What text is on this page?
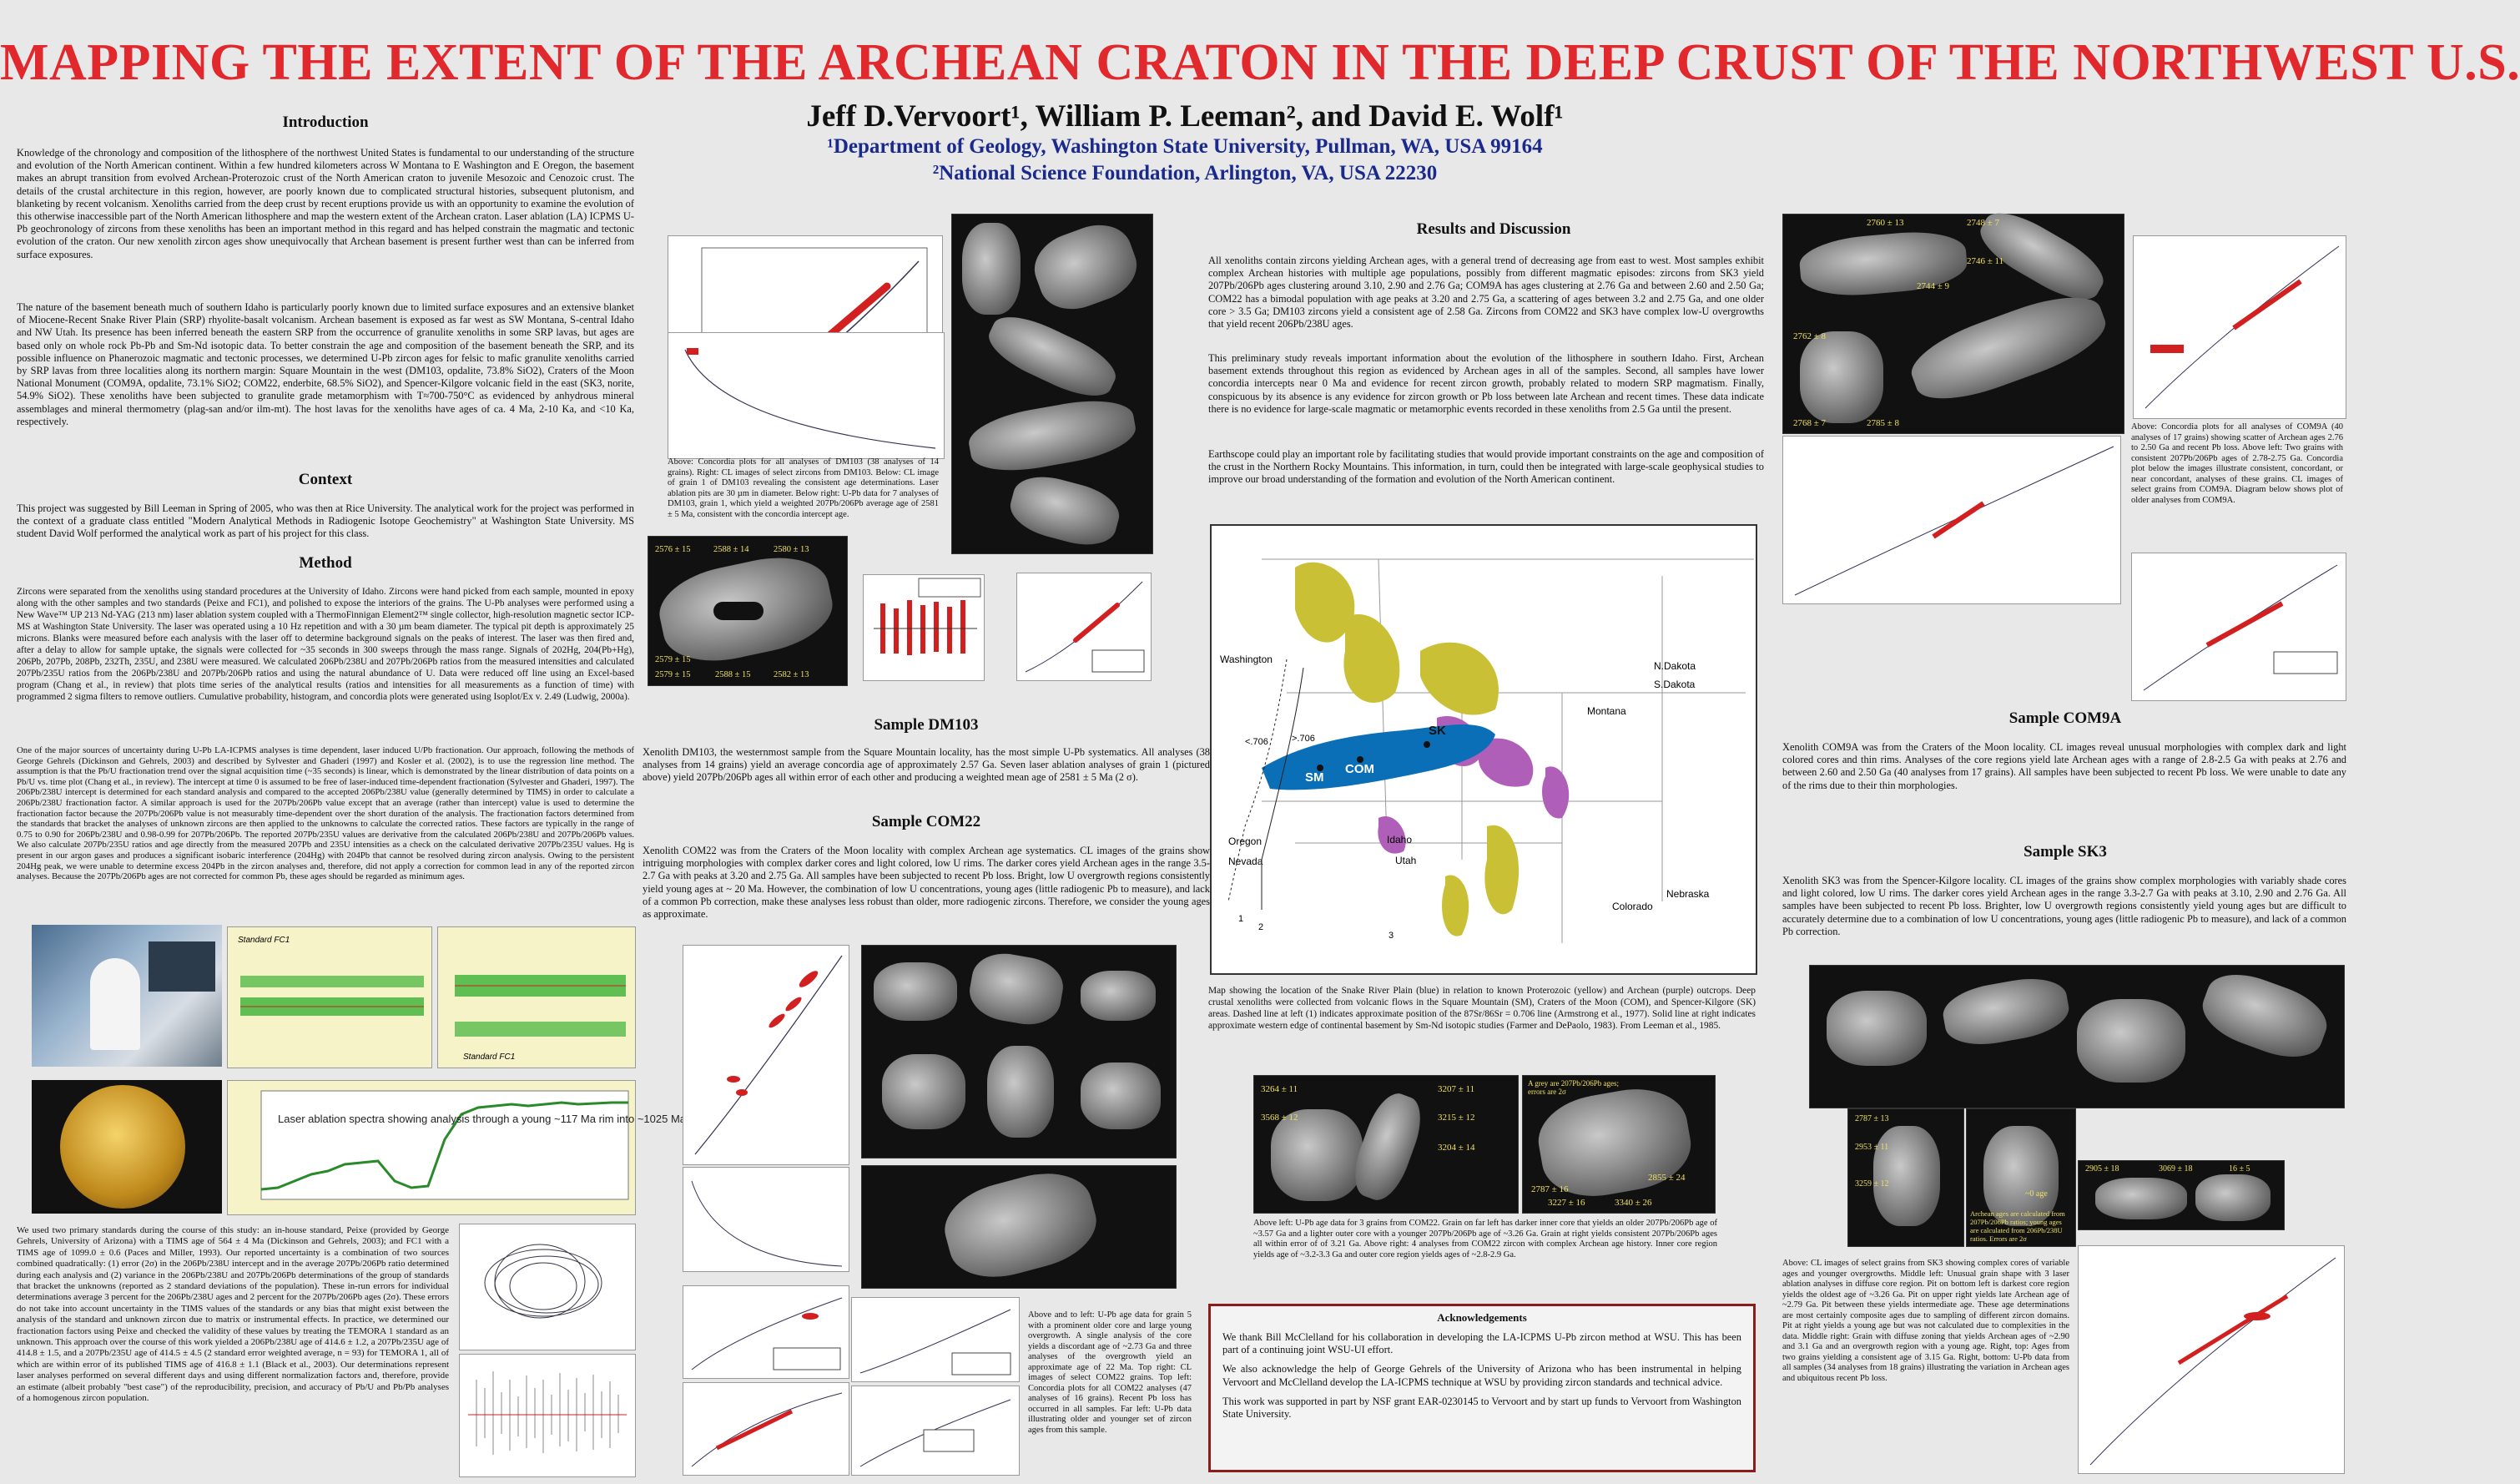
MAPPING THE EXTENT OF THE ARCHEAN CRATON IN THE DEEP CRUST OF THE NORTHWEST U.S.
Jeff D.Vervoort¹, William P. Leeman², and David E. Wolf¹
¹Department of Geology, Washington State University, Pullman, WA, USA 99164
²National Science Foundation, Arlington, VA, USA 22230
Introduction
Knowledge of the chronology and composition of the lithosphere of the northwest United States is fundamental to our understanding of the structure and evolution of the North American continent. Within a few hundred kilometers across W Montana to E Washington and E Oregon, the basement makes an abrupt transition from evolved Archean-Proterozoic crust of the North American craton to juvenile Mesozoic and Cenozoic crust. The details of the crustal architecture in this region, however, are poorly known due to complicated structural histories, subsequent plutonism, and blanketing by recent volcanism. Xenoliths carried from the deep crust by recent eruptions provide us with an opportunity to examine the evolution of this otherwise inaccessible part of the North American lithosphere and map the western extent of the Archean craton. Laser ablation (LA) ICPMS U-Pb geochronology of zircons from these xenoliths has been an important method in this regard and has helped constrain the magmatic and tectonic evolution of the craton. Our new xenolith zircon ages show unequivocally that Archean basement is present further west than can be inferred from surface exposures.
The nature of the basement beneath much of southern Idaho is particularly poorly known due to limited surface exposures and an extensive blanket of Miocene-Recent Snake River Plain (SRP) rhyolite-basalt volcanism. Archean basement is exposed as far west as SW Montana, S-central Idaho and NW Utah. Its presence has been inferred beneath the eastern SRP from the occurrence of granulite xenoliths in some SRP lavas, but ages are based only on whole rock Pb-Pb and Sm-Nd isotopic data. To better constrain the age and composition of the basement beneath the SRP, and its possible influence on Phanerozoic magmatic and tectonic processes, we determined U-Pb zircon ages for felsic to mafic granulite xenoliths carried by SRP lavas from three localities along its northern margin: Square Mountain in the west (DM103, opdalite, 73.8% SiO2), Craters of the Moon National Monument (COM9A, opdalite, 73.1% SiO2; COM22, enderbite, 68.5% SiO2), and Spencer-Kilgore volcanic field in the east (SK3, norite, 54.9% SiO2). These xenoliths have been subjected to granulite grade metamorphism with T≈700-750°C as evidenced by anhydrous mineral assemblages and mineral thermometry (plag-san and/or ilm-mt). The host lavas for the xenoliths have ages of ca. 4 Ma, 2-10 Ka, and <10 Ka, respectively.
Context
This project was suggested by Bill Leeman in Spring of 2005, who was then at Rice University. The analytical work for the project was performed in the context of a graduate class entitled "Modern Analytical Methods in Radiogenic Isotope Geochemistry" at Washington State University. MS student David Wolf performed the analytical work as part of his project for this class.
Method
Zircons were separated from the xenoliths using standard procedures at the University of Idaho. Zircons were hand picked from each sample, mounted in epoxy along with the other samples and two standards (Peixe and FC1), and polished to expose the interiors of the grains. The U-Pb analyses were performed using a New Wave™ UP 213 Nd-YAG (213 nm) laser ablation system coupled with a ThermoFinnigan Element2™ single collector, high-resolution magnetic sector ICP-MS at Washington State University. The laser was operated using a 10 Hz repetition and with a 30 µm beam diameter. The typical pit depth is approximately 25 microns. Blanks were measured before each analysis with the laser off to determine background signals on the peaks of interest. The laser was then fired and, after a delay to allow for sample uptake, the signals were collected for ~35 seconds in 300 sweeps through the mass range. Signals of 202Hg, 204(Pb+Hg), 206Pb, 207Pb, 208Pb, 232Th, 235U, and 238U were measured. We calculated 206Pb/238U and 207Pb/206Pb ratios from the measured intensities and calculated 207Pb/235U ratios from the 206Pb/238U and 207Pb/206Pb ratios and using the natural abundance of U. Data were reduced off line using an Excel-based program (Chang et al., in review) that plots time series of the analytical results (ratios and intensities for all measurements as a function of time) with programmed 2 sigma filters to remove outliers. Cumulative probability, histogram, and concordia plots were generated using Isoplot/Ex v. 2.49 (Ludwig, 2000a).
One of the major sources of uncertainty during U-Pb LA-ICPMS analyses is time dependent, laser induced U/Pb fractionation. Our approach, following the methods of George Gehrels (Dickinson and Gehrels, 2003) and described by Sylvester and Ghaderi (1997) and Kosler et al. (2002), is to use the regression line method. The assumption is that the Pb/U fractionation trend over the signal acquisition time (~35 seconds) is linear, which is demonstrated by the linear distribution of data points on a Pb/U vs. time plot (Chang et al., in review). The intercept at time 0 is assumed to be free of laser-induced time-dependent fractionation (Sylvester and Ghaderi, 1997). The 206Pb/238U intercept is determined for each standard analysis and compared to the accepted 206Pb/238U value (generally determined by TIMS) in order to calculate a 206Pb/238U fractionation factor. A similar approach is used for the 207Pb/206Pb value except that an average (rather than intercept) value is used to determine the fractionation factor because the 207Pb/206Pb value is not measurably time-dependent over the short duration of the analysis. The fractionation factors determined from the standards that bracket the analyses of unknown zircons are then applied to the unknowns to calculate the corrected ratios. These factors are typically in the range of 0.75 to 0.90 for 206Pb/238U and 0.98-0.99 for 207Pb/206Pb. The reported 207Pb/235U values are derivative from the calculated 206Pb/238U and 207Pb/206Pb values. We also calculate 207Pb/235U ratios and age directly from the measured 207Pb and 235U intensities as a check on the calculated derivative 207Pb/235U values. Hg is present in our argon gases and produces a significant isobaric interference (204Hg) with 204Pb that cannot be resolved during zircon analysis. Owing to the persistent 204Hg peak, we were unable to determine excess 204Pb in the zircon analyses and, therefore, did not apply a correction for common lead in any of the reported zircon analyses. Because the 207Pb/206Pb ages are not corrected for common Pb, these ages should be regarded as minimum ages.
Standard FC1
Standard FC1
Laser ablation spectra showing analysis through a young ~117 Ma rim into ~1025 Ma core
We used two primary standards during the course of this study: an in-house standard, Peixe (provided by George Gehrels, University of Arizona) with a TIMS age of 564 ± 4 Ma (Dickinson and Gehrels, 2003); and FC1 with a TIMS age of 1099.0 ± 0.6 (Paces and Miller, 1993). Our reported uncertainty is a combination of two sources combined quadratically: (1) error (2σ) in the 206Pb/238U intercept and in the average 207Pb/206Pb ratio determined during each analysis and (2) variance in the 206Pb/238U and 207Pb/206Pb determinations of the group of standards that bracket the unknowns (reported as 2 standard deviations of the population). These in-run errors for individual determinations average 3 percent for the 206Pb/238U ages and 2 percent for the 207Pb/206Pb ages (2σ). These errors do not take into account uncertainty in the TIMS values of the standards or any bias that might exist between the analysis of the standard and unknown zircon due to matrix or instrumental effects. In practice, we determined our fractionation factors using Peixe and checked the validity of these values by treating the TEMORA 1 standard as an unknown. This approach over the course of this work yielded a 206Pb/238U age of 414.6 ± 1.2, a 207Pb/235U age of 414.8 ± 1.5, and a 207Pb/235U age of 414.5 ± 4.5 (2 standard error weighted average, n = 93) for TEMORA 1, all of which are within error of its published TIMS age of 416.8 ± 1.1 (Black et al., 2003). Our determinations represent laser analyses performed on several different days and using different normalization factors and, therefore, provide an estimate (albeit probably "best case") of the reproducibility, precision, and accuracy of Pb/U and Pb/Pb analyses of a homogenous zircon population.
Above: Concordia plots for all analyses of DM103 (38 analyses of 14 grains). Right: CL images of select zircons from DM103. Below: CL image of grain 1 of DM103 revealing the consistent age determinations. Laser ablation pits are 30 µm in diameter. Below right: U-Pb data for 7 analyses of DM103, grain 1, which yield a weighted 207Pb/206Pb average age of 2581 ± 5 Ma, consistent with the concordia intercept age.
2576 ± 15	2588 ± 14	2580 ± 13
2579 ± 15
2579 ± 15	2588 ± 15	2582 ± 13
Sample DM103
Xenolith DM103, the westernmost sample from the Square Mountain locality, has the most simple U-Pb systematics. All analyses (38 analyses from 14 grains) yield an average concordia age of approximately 2.57 Ga. Seven laser ablation analyses of grain 1 (pictured above) yield 207Pb/206Pb ages all within error of each other and producing a weighted mean age of 2581 ± 5 Ma (2 σ).
Sample COM22
Xenolith COM22 was from the Craters of the Moon locality with complex Archean age systematics. CL images of the grains show intriguing morphologies with complex darker cores and light colored, low U rims. The darker cores yield Archean ages in the range 3.5-2.7 Ga with peaks at 3.20 and 2.75 Ga. All samples have been subjected to recent Pb loss. Bright, low U overgrowth regions consistently yield young ages at ~ 20 Ma. However, the combination of low U concentrations, young ages (little radiogenic Pb to measure), and lack of a common Pb correction, make these analyses less robust than older, more radiogenic zircons. Therefore, we consider the young ages as approximate.
Above and to left: U-Pb age data for grain 5 with a prominent older core and large young overgrowth. A single analysis of the core yields a discordant age of ~2.73 Ga and three analyses of the overgrowth yield an approximate age of 22 Ma. Top right: CL images of select COM22 grains. Top left: Concordia plots for all COM22 analyses (47 analyses of 16 grains). Recent Pb loss has occurred in all samples. Far left: U-Pb data illustrating older and younger set of zircon ages from this sample.
Results and Discussion
All xenoliths contain zircons yielding Archean ages, with a general trend of decreasing age from east to west. Most samples exhibit complex Archean histories with multiple age populations, possibly from different magmatic episodes: zircons from SK3 yield 207Pb/206Pb ages clustering around 3.10, 2.90 and 2.76 Ga; COM9A has ages clustering at 2.76 Ga and between 2.60 and 2.50 Ga; COM22 has a bimodal population with age peaks at 3.20 and 2.75 Ga, a scattering of ages between 3.2 and 2.75 Ga, and one older core > 3.5 Ga; DM103 zircons yield a consistent age of 2.58 Ga. Zircons from COM22 and SK3 have complex low-U overgrowths that yield recent 206Pb/238U ages.
This preliminary study reveals important information about the evolution of the lithosphere in southern Idaho. First, Archean basement extends throughout this region as evidenced by Archean ages in all of the samples. Second, all samples have lower concordia intercepts near 0 Ma and evidence for recent zircon growth, probably related to modern SRP magmatism. Finally, conspicuous by its absence is any evidence for zircon growth or Pb loss between late Archean and recent times. These data indicate there is no evidence for large-scale magmatic or metamorphic events recorded in these xenoliths from 2.5 Ga until the present.
Earthscope could play an important role by facilitating studies that would provide important constraints on the age and composition of the crust in the Northern Rocky Mountains. This information, in turn, could then be integrated with large-scale geophysical studies to improve our broad understanding of the formation and evolution of the North American continent.
Washington
N.Dakota
S.Dakota
Montana
Oregon
Nevada
Idaho
Utah
Nebraska
Colorado
SM
COM
SK
<.706	>.706
1
2
3
Map showing the location of the Snake River Plain (blue) in relation to known Proterozoic (yellow) and Archean (purple) outcrops. Deep crustal xenoliths were collected from volcanic flows in the Square Mountain (SM), Craters of the Moon (COM), and Spencer-Kilgore (SK) areas. Dashed line at left (1) indicates approximate position of the 87Sr/86Sr = 0.706 line (Armstrong et al., 1977). Solid line at right indicates approximate western edge of continental basement by Sm-Nd isotopic studies (Farmer and DePaolo, 1983). From Leeman et al., 1985.
3264 ± 11
3568 ± 12
3207 ± 11
3215 ± 12
3204 ± 14
A grey are 207Pb/206Pb ages; errors are 2σ
2855 ± 24
2787 ± 16
3227 ± 16	3340 ± 26
Above left: U-Pb age data for 3 grains from COM22. Grain on far left has darker inner core that yields an older 207Pb/206Pb age of ~3.57 Ga and a lighter outer core with a younger 207Pb/206Pb age of ~3.26 Ga. Grain at right yields consistent 207Pb/206Pb ages all within error of of 3.21 Ga. Above right: 4 analyses from COM22 zircon with complex Archean age history. Inner core region yields age of ~3.2-3.3 Ga and outer core region yields ages of ~2.8-2.9 Ga.
Acknowledgements
We thank Bill McClelland for his collaboration in developing the LA-ICPMS U-Pb zircon method at WSU. This has been part of a continuing joint WSU-UI effort.
We also acknowledge the help of George Gehrels of the University of Arizona who has been instrumental in helping Vervoort and McClelland develop the LA-ICPMS technique at WSU by providing zircon standards and technical advice.
This work was supported in part by NSF grant EAR-0230145 to Vervoort and by start up funds to Vervoort from Washington State University.
2760 ± 13	2748 ± 7
2746 ± 11
2744 ± 9
2762 ± 8
2768 ± 7	2785 ± 8	Above: Concordia plots for all analyses of COM9A (40 analyses of 17 grains) showing scatter of Archean ages 2.76 to 2.50 Ga and recent Pb loss. Above left: Two grains with consistent 207Pb/206Pb ages of 2.78-2.75 Ga. Concordia plot below the images illustrate consistent, concordant, or near concordant, analyses of these grains. CL images of select grains from COM9A. Diagram below shows plot of older analyses from COM9A.
Sample COM9A
Xenolith COM9A was from the Craters of the Moon locality. CL images reveal unusual morphologies with complex dark and light colored cores and thin rims. Analyses of the core regions yield late Archean ages with a range of 2.8-2.5 Ga with peaks at 2.76 and between 2.60 and 2.50 Ga (40 analyses from 17 grains). All samples have been subjected to recent Pb loss. We were unable to date any of the rims due to their thin morphologies.
Sample SK3
Xenolith SK3 was from the Spencer-Kilgore locality. CL images of the grains show complex morphologies with variably shade cores and light colored, low U rims. The darker cores yield Archean ages in the range 3.3-2.7 Ga with peaks at 3.10, 2.90 and 2.76 Ga. All samples have been subjected to recent Pb loss. Brighter, low U overgrowth regions consistently yield young ages but are difficult to accurately determine due to a combination of low U concentrations, young ages (little radiogenic Pb to measure), and lack of a common Pb correction.
2787 ± 13
2953 ± 11
3259 ± 12
~0 age
Archean ages are calculated from 207Pb/206Pb ratios; young ages are calculated from 206Pb/238U ratios. Errors are 2σ
2905 ± 18	3069 ± 18	16 ± 5
Above: CL images of select grains from SK3 showing complex cores of variable ages and younger overgrowths. Middle left: Unusual grain shape with 3 laser ablation analyses in diffuse core region. Pit on bottom left is darkest core region yields the oldest age of ~3.26 Ga. Pit on upper right yields late Archean age of ~2.79 Ga. Pit between these yields intermediate age. These age determinations are most certainly composite ages due to sampling of different zircon domains. Pit at right yields a young age but was not calculated due to complexities in the data. Middle right: Grain with diffuse zoning that yields Archean ages of ~2.90 and 3.1 Ga and an overgrowth region with a young age. Right, top: Ages from two grains yielding a consistent age of 3.15 Ga. Right, bottom: U-Pb data from all samples (34 analyses from 18 grains) illustrating the variation in Archean ages and ubiquitous recent Pb loss.
